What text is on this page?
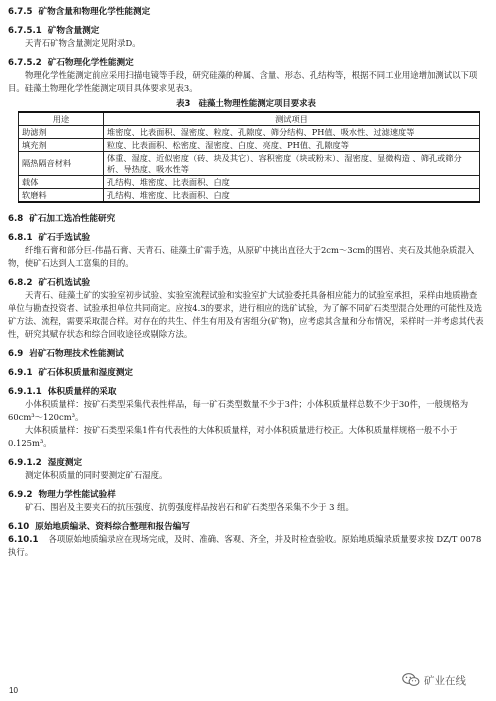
6.7.5 矿物含量和物理化学性能测定
6.7.5.1 矿物含量测定

天青石矿物含量测定见附录D。

6.7.5.2 矿石物理化学性能测定

物理化学性能测定前应采用扫描电镜等手段，研究硅藻的种属、含量、形态、孔结构等，根据不同工业用途增加测试以下项目。硅藻土物理化学性能测定项目具体要求见表3。

表3　硅藻土物理性能测定项目要求表
用途	测试项目
助滤剂	堆密度、比表面积、湿密度、粒度、孔隙度、筛分结构、PH值、吸水性、过滤速度等
填充剂	粒度、比表面积、松密度、湿密度、白度、亮度、PH值、孔隙度等
隔热隔音材料	体重、湿度、近似密度（砖、块及其它）、容积密度（块或粉末）、湿密度、显微构造 、筛孔或筛分析、导热度、吸水性等
载体	孔结构、堆密度、比表面积、白度
软磨料	孔结构、堆密度、比表面积、白度
6.8 矿石加工选冶性能研究
6.8.1 矿石手选试验

纤维石膏和部分巨-伟晶石膏、天青石、硅藻土矿需手选，从原矿中挑出直径大于2cm～3cm的围岩、夹石及其他杂质混入物，使矿石达到人工富集的目的。

6.8.2 矿石机选试验

天青石、硅藻土矿的实验室初步试验、实验室流程试验和实验室扩大试验委托具备相应能力的试验室承担，采样由地质勘查单位与勘查投资者、试验承担单位共同商定。应按4.3的要求，进行相应的选矿试验，为了解不同矿石类型混合处理的可能性及选矿方法、流程，需要采取混合样。对存在的共生、伴生有用及有害组分(矿物)，应考虑其含量和分布情况，采样时一并考虑其代表性，研究其赋存状态和综合回收途径或剔除方法。

6.9 岩矿石物理技术性能测试
6.9.1 矿石体积质量和湿度测定
6.9.1.1 体积质量样的采取

小体积质量样：按矿石类型采集代表性样品，每一矿石类型数量不少于3件；小体积质量样总数不少于30件，一般规格为60cm³～120cm³。

大体积质量样：按矿石类型采集1件有代表性的大体积质量样，对小体积质量进行校正。大体积质量样规格一般不小于 0.125m³。

6.9.1.2 湿度测定

测定体积质量的同时要测定矿石湿度。

6.9.2 物理力学性能试验样

矿石、围岩及主要夹石的抗压强度、抗剪强度样品按岩石和矿石类型各采集不少于 3 组。

6.10 原始地质编录、资料综合整理和报告编写

6.10.1 各项原始地质编录应在现场完成，及时、准确、客观、齐全，并及时检查验收。原始地质编录质量要求按 DZ/T 0078 执行。

10
矿业在线
